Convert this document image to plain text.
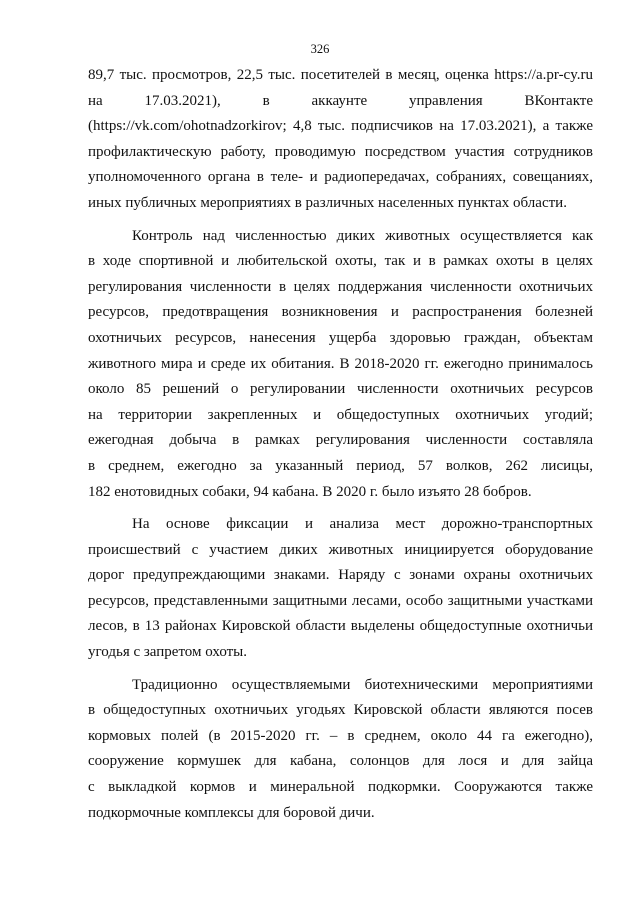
326
89,7 тыс. просмотров, 22,5 тыс. посетителей в месяц, оценка https://a.pr-cy.ru
на 17.03.2021), в аккаунте управления ВКонтакте
(https://vk.com/ohotnadzorkirov; 4,8 тыс. подписчиков на 17.03.2021), а также
профилактическую работу, проводимую посредством участия сотрудников
уполномоченного органа в теле- и радиопередачах, собраниях, совещаниях,
иных публичных мероприятиях в различных населенных пунктах области.
Контроль над численностью диких животных осуществляется как
в ходе спортивной и любительской охоты, так и в рамках охоты в целях
регулирования численности в целях поддержания численности охотничьих
ресурсов, предотвращения возникновения и распространения болезней
охотничьих ресурсов, нанесения ущерба здоровью граждан, объектам
животного мира и среде их обитания. В 2018-2020 гг. ежегодно принималось
около 85 решений о регулировании численности охотничьих ресурсов
на территории закрепленных и общедоступных охотничьих угодий;
ежегодная добыча в рамках регулирования численности составляла
в среднем, ежегодно за указанный период, 57 волков, 262 лисицы,
182 енотовидных собаки, 94 кабана. В 2020 г. было изъято 28 бобров.
На основе фиксации и анализа мест дорожно-транспортных
происшествий с участием диких животных инициируется оборудование
дорог предупреждающими знаками. Наряду с зонами охраны охотничьих
ресурсов, представленными защитными лесами, особо защитными участками
лесов, в 13 районах Кировской области выделены общедоступные охотничьи
угодья с запретом охоты.
Традиционно осуществляемыми биотехническими мероприятиями
в общедоступных охотничьих угодьях Кировской области являются посев
кормовых полей (в 2015-2020 гг. – в среднем, около 44 га ежегодно),
сооружение кормушек для кабана, солонцов для лося и для зайца
с выкладкой кормов и минеральной подкормки. Сооружаются также
подкормочные комплексы для боровой дичи.
